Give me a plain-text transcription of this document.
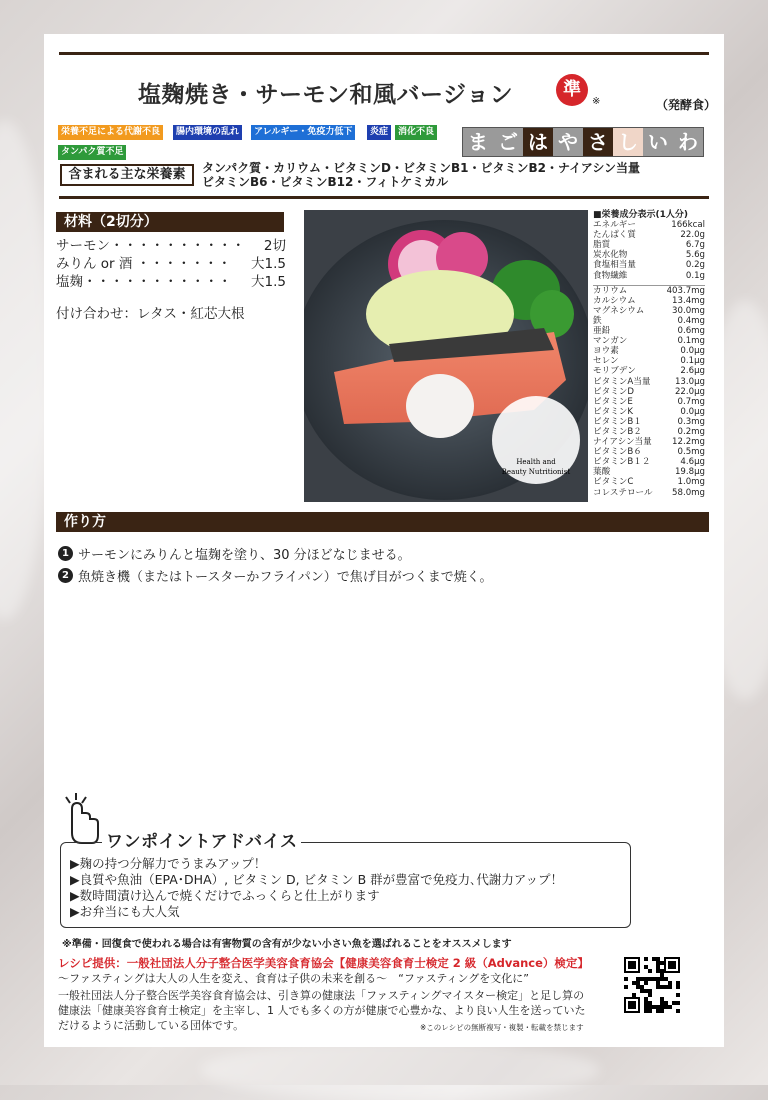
塩麹焼き・サーモン和風バージョン	準
※	（発酵食）
栄養不足による代謝不良	腸内環境の乱れ	アレルギー・免疫力低下	炎症	消化不良
タンパク質不足	ま ご は や さ し い わ
含まれる主な栄養素	タンパク質・カリウム・ビタミンD・ビタミンB1・ビタミンB2・ナイアシン当量
ビタミンB6・ビタミンB12・フィトケミカル
材料（2切分）
サーモン・・・・・・・・・・ 2切
みりん or 酒 ・・・・・・・ 大1.5
塩麹・・・・・・・・・・・ 大1.5
付け合わせ：レタス・紅芯大根
Health and
Beauty Nutritionist
■栄養成分表示(1人分)
エネルギー	166kcal
たんぱく質	22.0g
脂質	6.7g
炭水化物	5.6g
食塩相当量	0.2g
食物繊維	0.1g
カリウム	403.7mg
カルシウム	13.4mg
マグネシウム	30.0mg
鉄	0.4mg
亜鉛	0.6mg
マンガン	0.1mg
ヨウ素	0.0μg
セレン	0.1μg
モリブデン	2.6μg
ビタミンA当量	13.0μg
ビタミンD	22.0μg
ビタミンE	0.7mg
ビタミンK	0.0μg
ビタミンB１	0.3mg
ビタミンB２	0.2mg
ナイアシン当量 12.2mg
ビタミンB６	0.5mg
ビタミンB１２	4.6μg
葉酸	19.8μg
ビタミンC	1.0mg
コレステロール 58.0mg
作り方
1 サーモンにみりんと塩麹を塗り、30 分ほどなじませる。
2 魚焼き機（またはトースターかフライパン）で焦げ目がつくまで焼く。
ワンポイントアドバイス
▶麹の持つ分解力でうまみアップ！
▶良質や魚油（EPA･DHA）, ビタミン D, ビタミン B 群が豊富で免疫力､代謝力アップ！
▶数時間漬け込んで焼くだけでふっくらと仕上がります
▶お弁当にも大人気
※準備・回復食で使われる場合は有害物質の含有が少ない小さい魚を選ばれることをオススメします
レシピ提供：一般社団法人分子整合医学美容食育協会【健康美容食育士検定 2 級（Advance）検定】
〜ファスティングは大人の人生を変え、食育は子供の未来を創る〜　“ファスティングを文化に”
一般社団法人分子整合医学美容食育協会は、引き算の健康法「ファスティングマイスター検定」と足し算の
健康法「健康美容食育士検定」を主宰し、1 人でも多くの方が健康で心豊かな、より良い人生を送っていた
だけるように活動している団体です。	※このレシピの無断複写・複製・転載を禁じます
